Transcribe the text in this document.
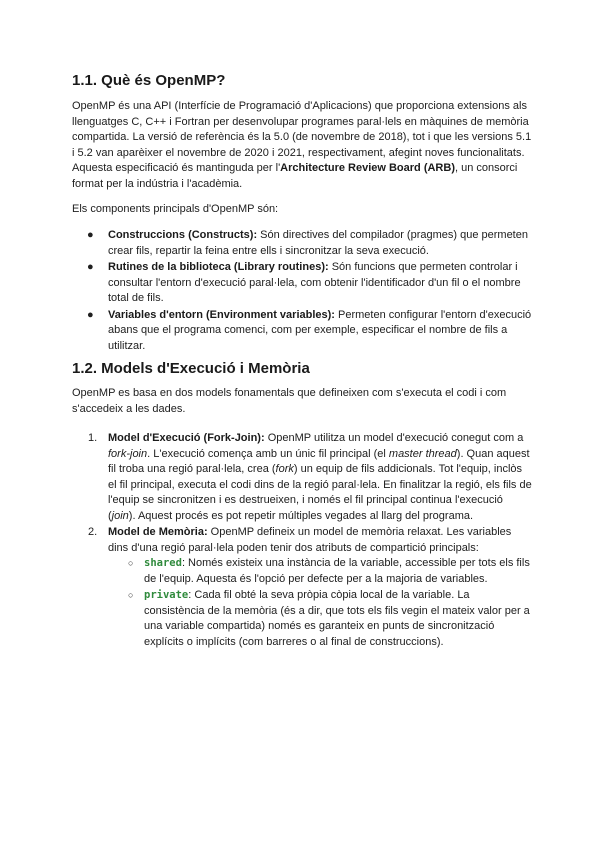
1.1. Què és OpenMP?

OpenMP és una API (Interfície de Programació d'Aplicacions) que proporciona extensions als llenguatges C, C++ i Fortran per desenvolupar programes paral·lels en màquines de memòria compartida. La versió de referència és la 5.0 (de novembre de 2018), tot i que les versions 5.1 i 5.2 van aparèixer el novembre de 2020 i 2021, respectivament, afegint noves funcionalitats. Aquesta especificació és mantinguda per l'Architecture Review Board (ARB), un consorci format per la indústria i l'acadèmia.

Els components principals d'OpenMP són:

● Construccions (Constructs): Són directives del compilador (pragmes) que permeten crear fils, repartir la feina entre ells i sincronitzar la seva execució.
● Rutines de la biblioteca (Library routines): Són funcions que permeten controlar i consultar l'entorn d'execució paral·lela, com obtenir l'identificador d'un fil o el nombre total de fils.
● Variables d'entorn (Environment variables): Permeten configurar l'entorn d'execució abans que el programa comenci, com per exemple, especificar el nombre de fils a utilitzar.
1.2. Models d'Execució i Memòria

OpenMP es basa en dos models fonamentals que defineixen com s'executa el codi i com s'accedeix a les dades.

1. Model d'Execució (Fork-Join): OpenMP utilitza un model d'execució conegut com a fork-join. L'execució comença amb un únic fil principal (el master thread). Quan aquest fil troba una regió paral·lela, crea (fork) un equip de fils addicionals. Tot l'equip, inclòs el fil principal, executa el codi dins de la regió paral·lela. En finalitzar la regió, els fils de l'equip se sincronitzen i es destrueixen, i només el fil principal continua l'execució (join). Aquest procés es pot repetir múltiples vegades al llarg del programa.
2. Model de Memòria: OpenMP defineix un model de memòria relaxat. Les variables dins d'una regió paral·lela poden tenir dos atributs de compartició principals:
○ shared: Només existeix una instància de la variable, accessible per tots els fils de l'equip. Aquesta és l'opció per defecte per a la majoria de variables.
○ private: Cada fil obté la seva pròpia còpia local de la variable. La consistència de la memòria (és a dir, que tots els fils vegin el mateix valor per a una variable compartida) només es garanteix en punts de sincronització explícits o implícits (com barreres o al final de construccions).
